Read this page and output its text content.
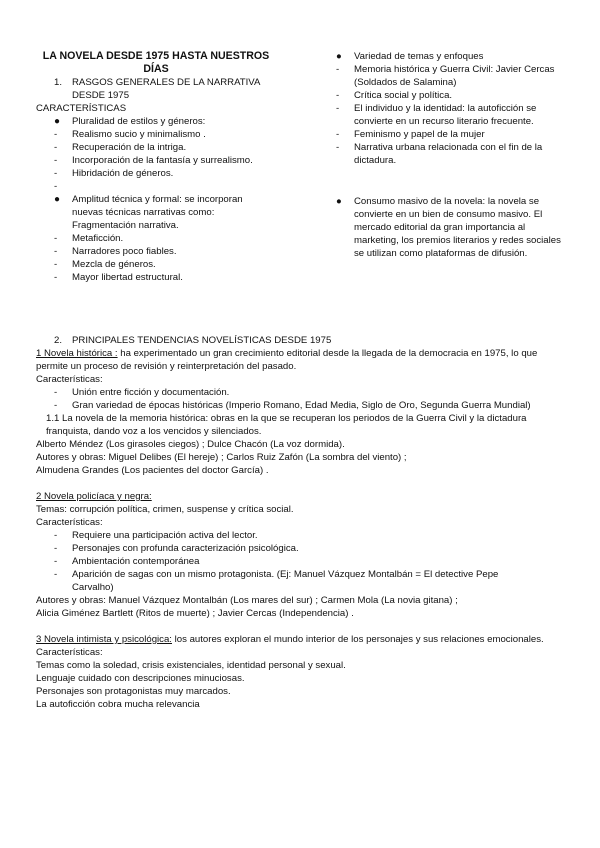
LA NOVELA DESDE 1975 HASTA NUESTROS DÍAS
1. RASGOS GENERALES DE LA NARRATIVA DESDE 1975
CARACTERÍSTICAS
● Pluralidad de estilos y géneros:
- Realismo sucio y minimalismo .
- Recuperación de la intriga.
- Incorporación de la fantasía y surrealismo.
- Hibridación de géneros.
-
● Amplitud técnica y formal: se incorporan nuevas técnicas narrativas como: Fragmentación narrativa.
- Metaficción.
- Narradores poco fiables.
- Mezcla de géneros.
- Mayor libertad estructural.
● Variedad de temas y enfoques
- Memoria histórica y Guerra Civil: Javier Cercas (Soldados de Salamina)
- Crítica social y política.
- El individuo y la identidad: la autoficción se convierte en un recurso literario frecuente.
- Feminismo y papel de la mujer
- Narrativa urbana relacionada con el fin de la dictadura.
● Consumo masivo de la novela: la novela se convierte en un bien de consumo masivo. El mercado editorial da gran importancia al marketing, los premios literarios y redes sociales se utilizan como plataformas de difusión.
2. PRINCIPALES TENDENCIAS NOVELÍSTICAS DESDE 1975
1 Novela histórica : ha experimentado un gran crecimiento editorial desde la llegada de la democracia en 1975, lo que permite un proceso de revisión y reinterpretación del pasado.
Características:
- Unión entre ficción y documentación.
- Gran variedad de épocas históricas (Imperio Romano, Edad Media, Siglo de Oro, Segunda Guerra Mundial)
1.1 La novela de la memoria histórica: obras en la que se recuperan los periodos de la Guerra Civil y la dictadura franquista, dando voz a los vencidos y silenciados.
Alberto Méndez (Los girasoles ciegos) ; Dulce Chacón (La voz dormida).
Autores y obras: Miguel Delibes (El hereje) ; Carlos Ruiz Zafón (La sombra del viento) ;
Almudena Grandes (Los pacientes del doctor García) .
2 Novela policíaca y negra:
Temas: corrupción política, crimen, suspense y crítica social.
Características:
- Requiere una participación activa del lector.
- Personajes con profunda caracterización psicológica.
- Ambientación contemporánea
- Aparición de sagas con un mismo protagonista. (Ej: Manuel Vázquez Montalbán = El detective Pepe Carvalho)
Autores y obras: Manuel Vázquez Montalbán (Los mares del sur) ; Carmen Mola (La novia gitana) ;
Alicia Giménez Bartlett (Ritos de muerte) ; Javier Cercas (Independencia) .
3 Novela intimista y psicológica: los autores exploran el mundo interior de los personajes y sus relaciones emocionales.
Características:
Temas como la soledad, crisis existenciales, identidad personal y sexual.
Lenguaje cuidado con descripciones minuciosas.
Personajes son protagonistas muy marcados.
La autoficción cobra mucha relevancia
